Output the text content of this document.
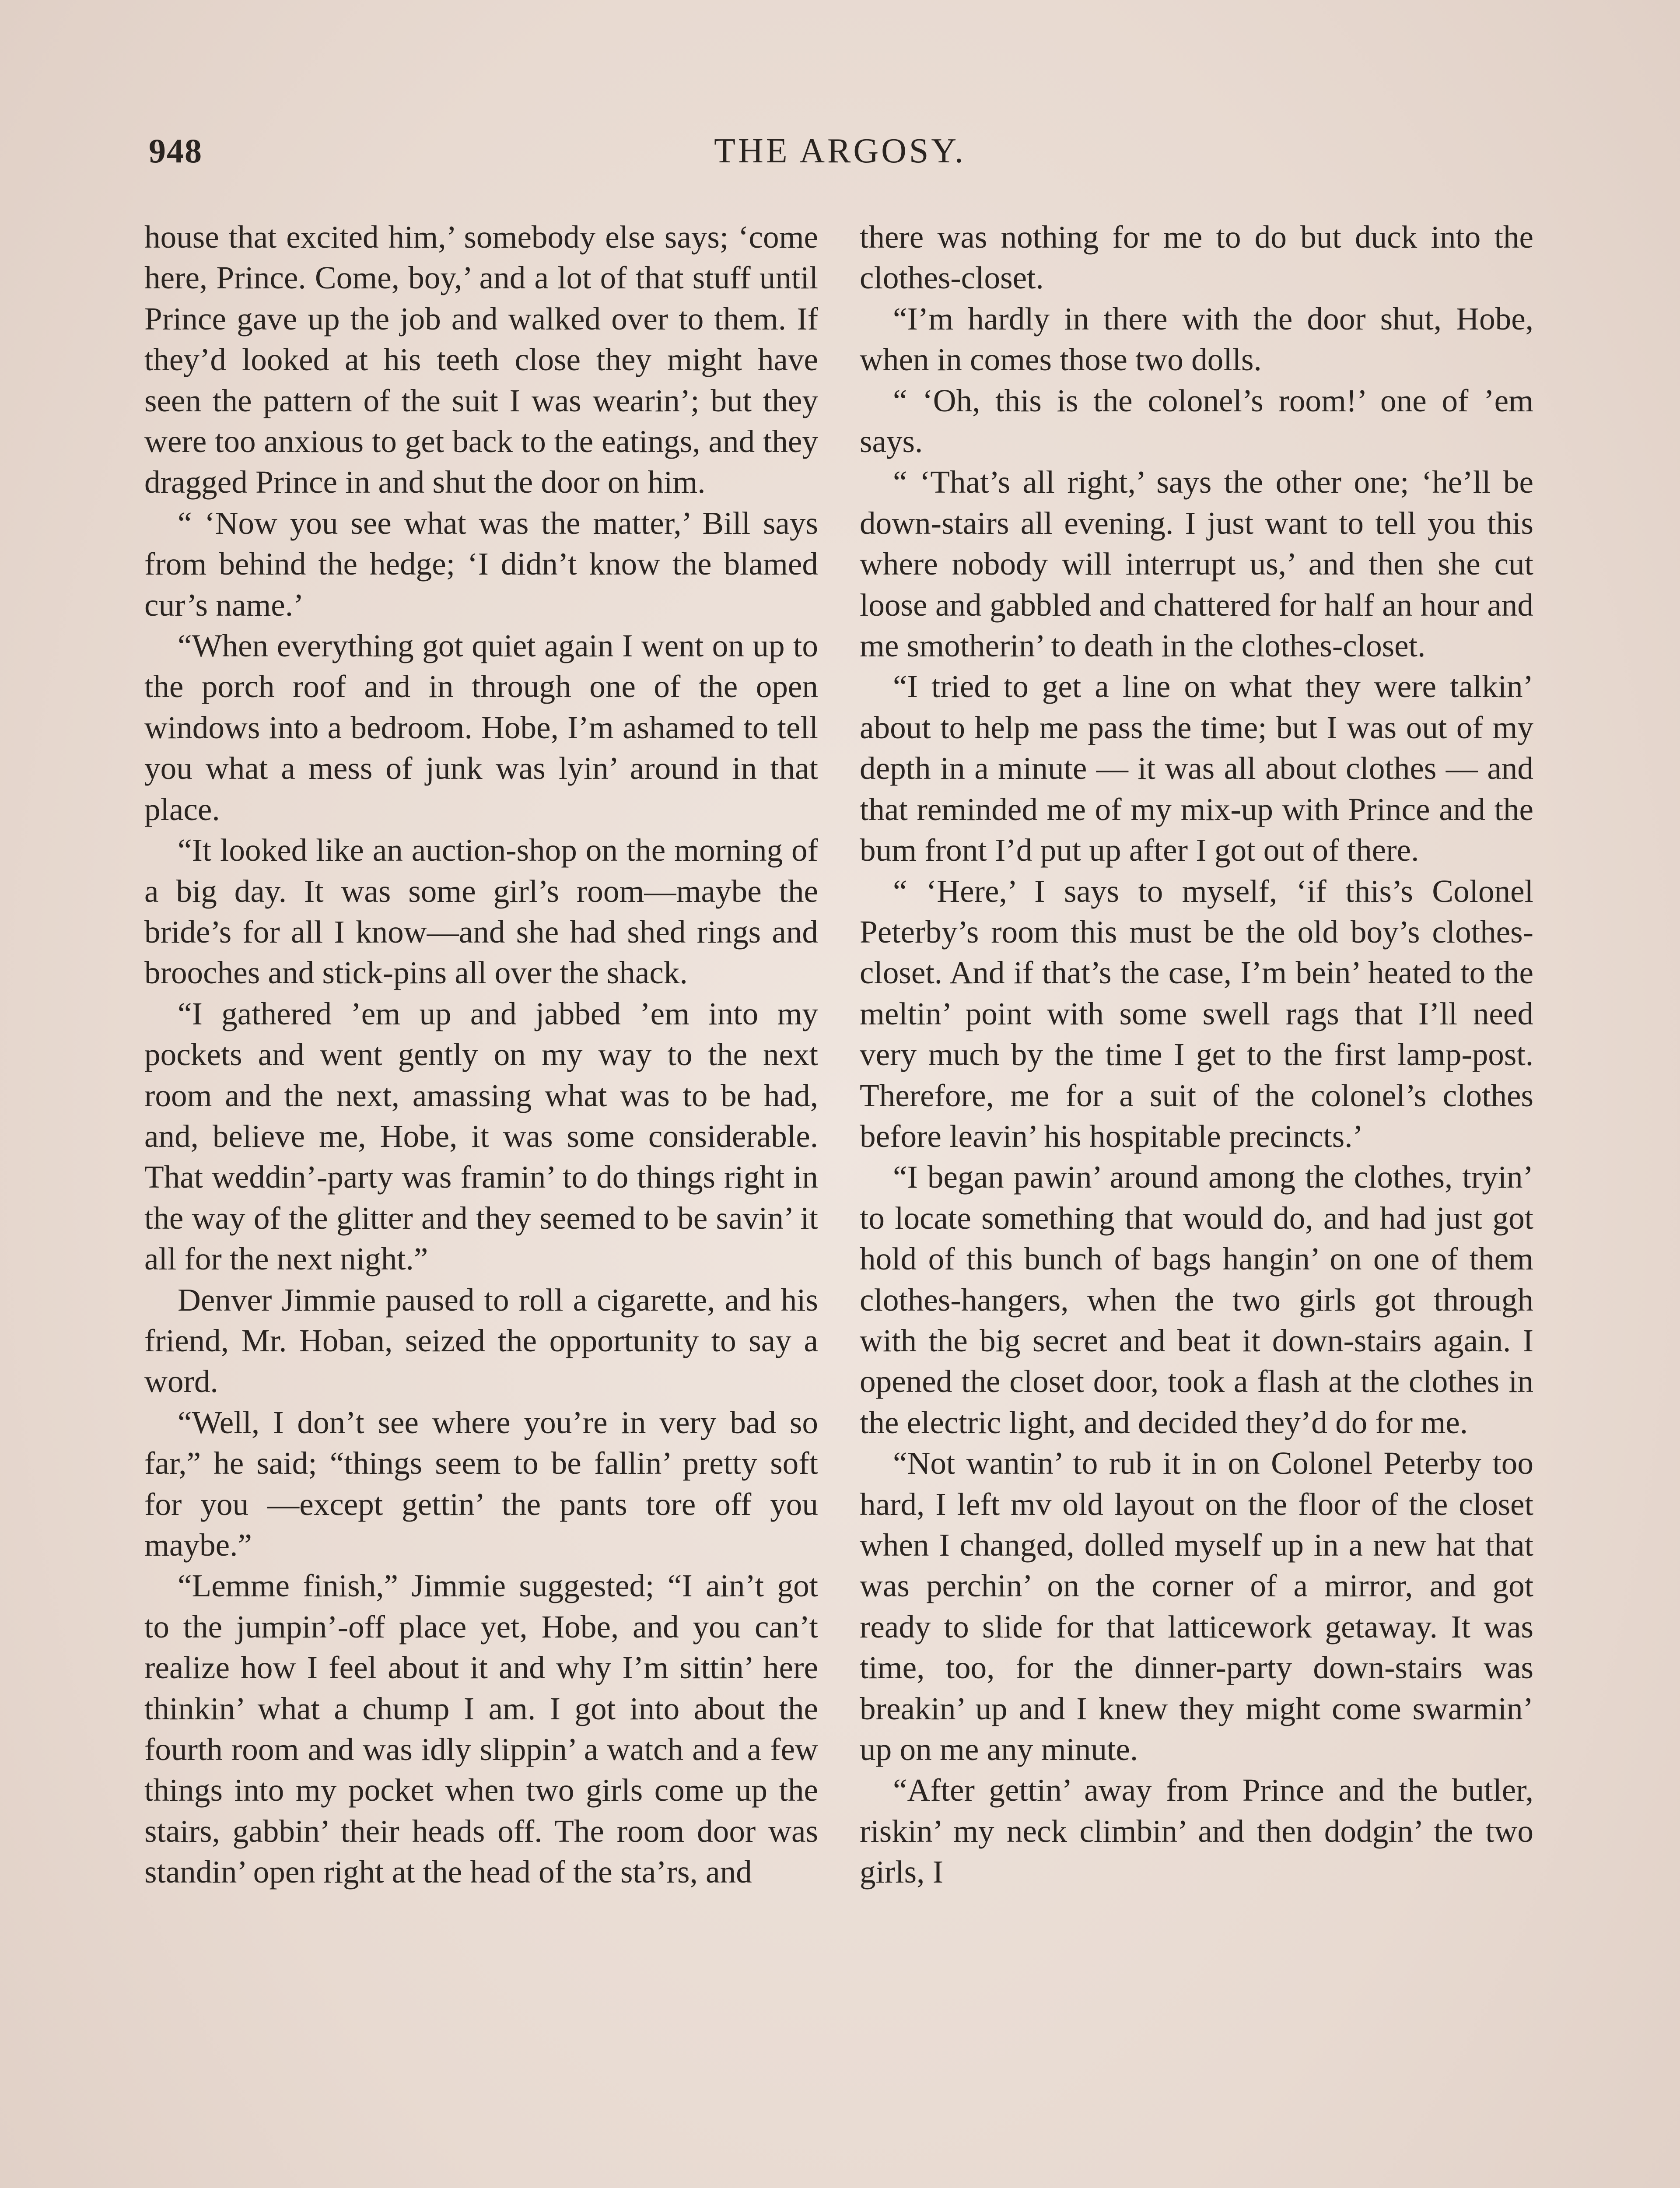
948	THE ARGOSY.

house that excited him,’ somebody else says; ‘come here, Prince. Come, boy,’ and a lot of that stuff until Prince gave up the job and walked over to them. If they’d looked at his teeth close they might have seen the pattern of the suit I was wearin’; but they were too anxious to get back to the eatings, and they dragged Prince in and shut the door on him.

“ ‘Now you see what was the matter,’ Bill says from behind the hedge; ‘I didn’t know the blamed cur’s name.’

“When everything got quiet again I went on up to the porch roof and in through one of the open windows into a bedroom. Hobe, I’m ashamed to tell you what a mess of junk was lyin’ around in that place.

“It looked like an auction-shop on the morning of a big day. It was some girl’s room—maybe the bride’s for all I know—and she had shed rings and brooches and stick-pins all over the shack.

“I gathered ’em up and jabbed ’em into my pockets and went gently on my way to the next room and the next, amassing what was to be had, and, believe me, Hobe, it was some considerable. That weddin’-party was framin’ to do things right in the way of the glitter and they seemed to be savin’ it all for the next night.”

Denver Jimmie paused to roll a cigarette, and his friend, Mr. Hoban, seized the opportunity to say a word.

“Well, I don’t see where you’re in very bad so far,” he said; “things seem to be fallin’ pretty soft for you —except gettin’ the pants tore off you maybe.”

“Lemme finish,” Jimmie suggested; “I ain’t got to the jumpin’-off place yet, Hobe, and you can’t realize how I feel about it and why I’m sittin’ here thinkin’ what a chump I am. I got into about the fourth room and was idly slippin’ a watch and a few things into my pocket when two girls come up the stairs, gabbin’ their heads off. The room door was standin’ open right at the head of the sta’rs, and

there was nothing for me to do but duck into the clothes-closet.

“I’m hardly in there with the door shut, Hobe, when in comes those two dolls.

“ ‘Oh, this is the colonel’s room!’ one of ’em says.

“ ‘That’s all right,’ says the other one; ‘he’ll be down-stairs all evening. I just want to tell you this where nobody will interrupt us,’ and then she cut loose and gabbled and chattered for half an hour and me smotherin’ to death in the clothes-closet.

“I tried to get a line on what they were talkin’ about to help me pass the time; but I was out of my depth in a minute — it was all about clothes — and that reminded me of my mix-up with Prince and the bum front I’d put up after I got out of there.

“ ‘Here,’ I says to myself, ‘if this’s Colonel Peterby’s room this must be the old boy’s clothes-closet. And if that’s the case, I’m bein’ heated to the meltin’ point with some swell rags that I’ll need very much by the time I get to the first lamp-post. Therefore, me for a suit of the colonel’s clothes before leavin’ his hospitable precincts.’

“I began pawin’ around among the clothes, tryin’ to locate something that would do, and had just got hold of this bunch of bags hangin’ on one of them clothes-hangers, when the two girls got through with the big secret and beat it down-stairs again. I opened the closet door, took a flash at the clothes in the electric light, and decided they’d do for me.

“Not wantin’ to rub it in on Colonel Peterby too hard, I left mv old layout on the floor of the closet when I changed, dolled myself up in a new hat that was perchin’ on the corner of a mirror, and got ready to slide for that latticework getaway. It was time, too, for the dinner-party down-stairs was breakin’ up and I knew they might come swarmin’ up on me any minute.

“After gettin’ away from Prince and the butler, riskin’ my neck climbin’ and then dodgin’ the two girls, I
